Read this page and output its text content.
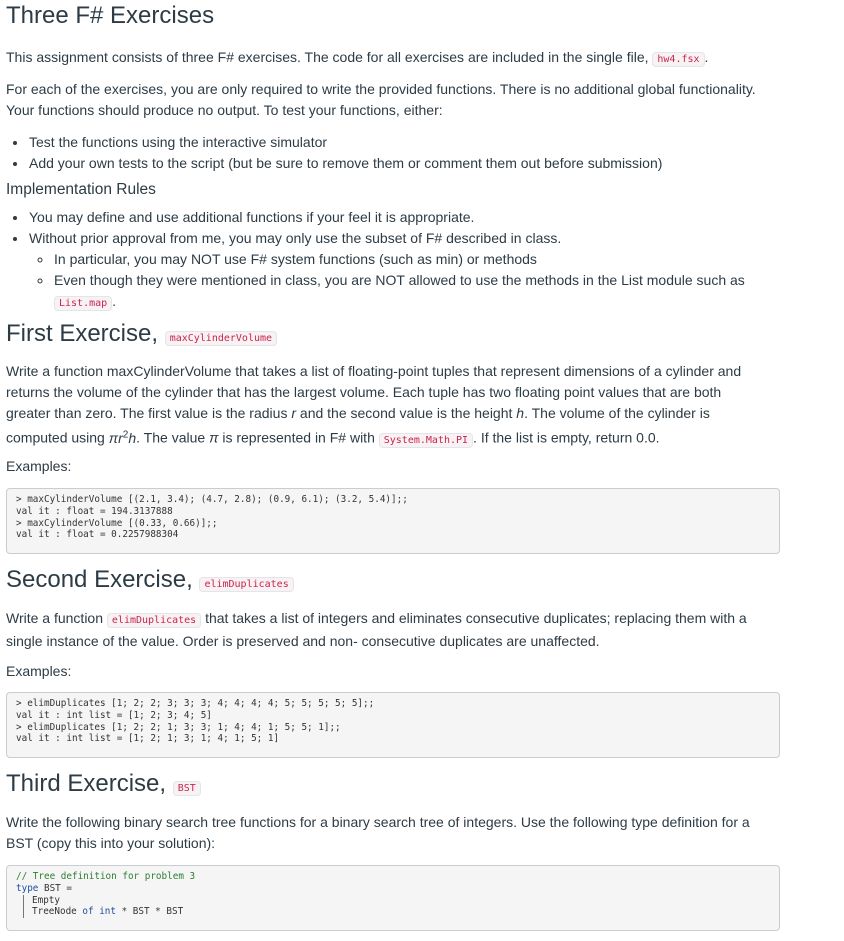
Three F# Exercises

This assignment consists of three F# exercises. The code for all exercises are included in the single file, hw4.fsx .

For each of the exercises, you are only required to write the provided functions. There is no additional global functionality. Your functions should produce no output. To test your functions, either:

• Test the functions using the interactive simulator
• Add your own tests to the script (but be sure to remove them or comment them out before submission)
Implementation Rules
• You may define and use additional functions if your feel it is appropriate.
• Without prior approval from me, you may only use the subset of F# described in class.
◦ In particular, you may NOT use F# system functions (such as min) or methods
◦ Even though they were mentioned in class, you are NOT allowed to use the methods in the List module such as
List.map .
First Exercise, maxCylinderVolume

Write a function maxCylinderVolume that takes a list of floating-point tuples that represent dimensions of a cylinder and returns the volume of the cylinder that has the largest volume. Each tuple has two floating point values that are both greater than zero. The first value is the radius r and the second value is the height h. The volume of the cylinder is computed using $\pi r^2h$. The value π is represented in F# with System.Math.PI . If the list is empty, return 0.0.

Examples:

> maxCylinderVolume [(2.1, 3.4); (4.7, 2.8); (0.9, 6.1); (3.2, 5.4)];;
val it : float = 194.3137888
> maxCylinderVolume [(0.33, 0.66)];;
val it : float = 0.2257988304
Second Exercise, elimDuplicates

Write a function elimDuplicates that takes a list of integers and eliminates consecutive duplicates; replacing them with a single instance of the value. Order is preserved and non- consecutive duplicates are unaffected.

Examples:

> elimDuplicates [1; 2; 2; 3; 3; 3; 4; 4; 4; 4; 5; 5; 5; 5; 5];;
val it : int list = [1; 2; 3; 4; 5]
> elimDuplicates [1; 2; 2; 1; 3; 3; 1; 4; 4; 1; 5; 5; 1];;
val it : int list = [1; 2; 1; 3; 1; 4; 1; 5; 1]
Third Exercise, BST

Write the following binary search tree functions for a binary search tree of integers. Use the following type definition for a BST (copy this into your solution):

// Tree definition for problem 3
type BST =
Empty
TreeNode of int * BST * BST
